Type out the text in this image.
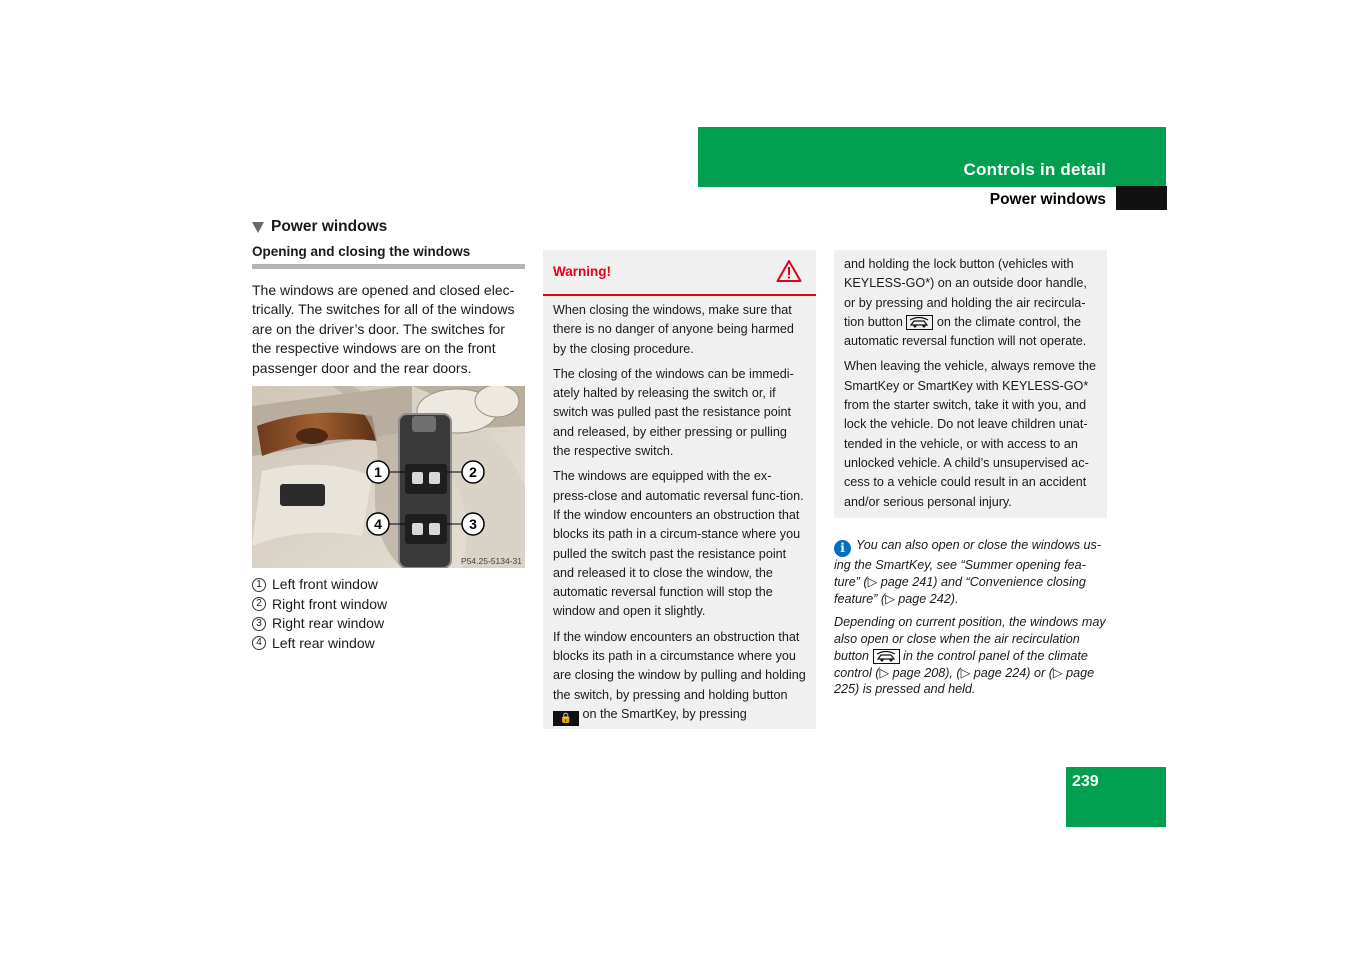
Controls in detail
Power windows
Power windows
Opening and closing the windows
The windows are opened and closed elec-trically. The switches for all of the windows are on the driver’s door. The switches for the respective windows are on the front passenger door and the rear doors.
1	2
3
4
P54.25-5134-31
1 Left front window
2 Right front window
3 Right rear window
4 Left rear window
Warning!

When closing the windows, make sure that there is no danger of anyone being harmed by the closing procedure.

The closing of the windows can be immedi-ately halted by releasing the switch or, if switch was pulled past the resistance point and released, by either pressing or pulling the respective switch.

The windows are equipped with the ex-press-close and automatic reversal func-tion. If the window encounters an obstruction that blocks its path in a circum-stance where you pulled the switch past the resistance point and released it to close the window, the automatic reversal function will stop the window and open it slightly.

If the window encounters an obstruction that blocks its path in a circumstance where you are closing the window by pulling and holding the switch, by pressing and holding button 🔒 on the SmartKey, by pressing

and holding the lock button (vehicles with KEYLESS-GO*) on an outside door handle, or by pressing and holding the air recircula-tion button	on the climate control, the automatic reversal function will not operate.

When leaving the vehicle, always remove the SmartKey or SmartKey with KEYLESS-GO* from the starter switch, take it with you, and lock the vehicle. Do not leave children unat-tended in the vehicle, or with access to an unlocked vehicle. A child’s unsupervised ac-cess to a vehicle could result in an accident and/or serious personal injury.

i You can also open or close the windows us-ing the SmartKey, see “Summer opening fea-ture” (▷ page 241) and “Convenience closing feature” (▷ page 242).

Depending on current position, the windows may also open or close when the air recirculation button	in the control panel of the climate control (▷ page 208), (▷ page 224) or (▷ page 225) is pressed and held.

239
